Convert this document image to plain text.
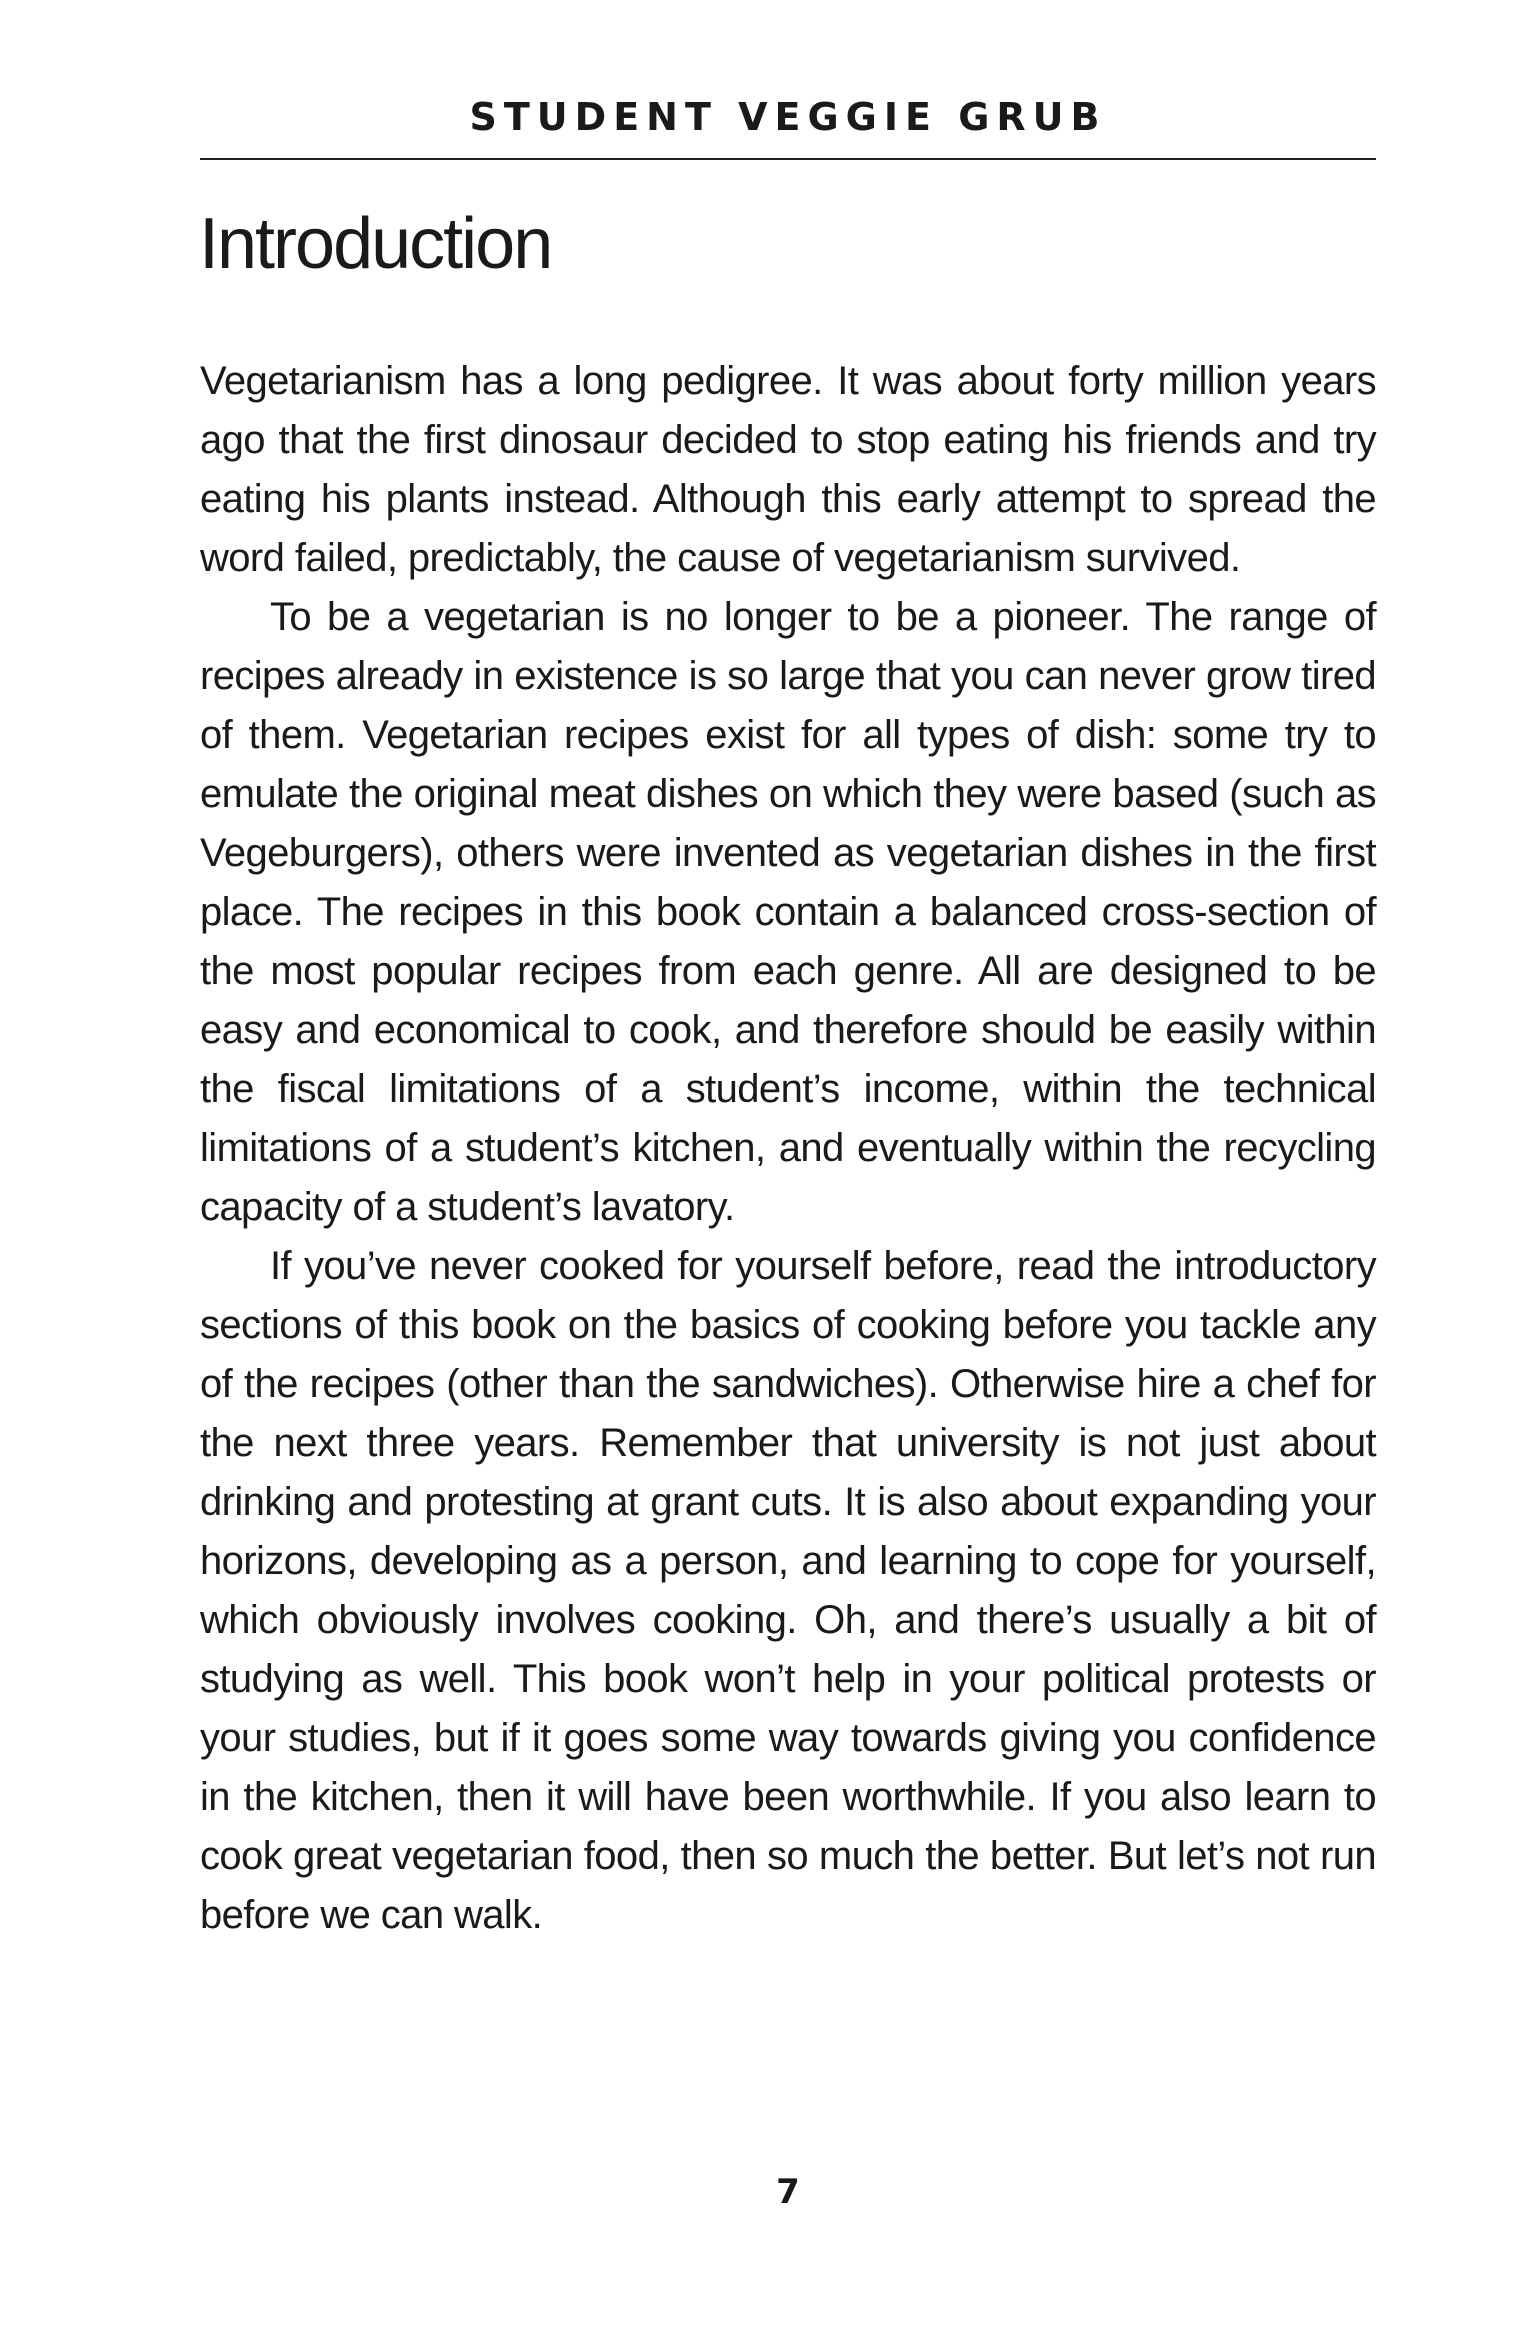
STUDENT VEGGIE GRUB
Introduction

Vegetarianism has a long pedigree. It was about forty million years ago that the first dinosaur decided to stop eating his friends and try eating his plants instead. Although this early attempt to spread the word failed, predictably, the cause of vegetarianism survived.

To be a vegetarian is no longer to be a pioneer. The range of recipes already in existence is so large that you can never grow tired of them. Vegetarian recipes exist for all types of dish: some try to emulate the original meat dishes on which they were based (such as Vegeburgers), others were invented as vegetarian dishes in the first place. The recipes in this book contain a balanced cross-section of the most popular recipes from each genre. All are designed to be easy and economical to cook, and therefore should be easily within the fiscal limitations of a student’s income, within the technical limitations of a student’s kitchen, and eventually within the recycling capacity of a student’s lavatory.

If you’ve never cooked for yourself before, read the introductory sections of this book on the basics of cooking before you tackle any of the recipes (other than the sandwiches). Otherwise hire a chef for the next three years. Remember that university is not just about drinking and protesting at grant cuts. It is also about expanding your horizons, developing as a person, and learning to cope for yourself, which obviously involves cooking. Oh, and there’s usually a bit of studying as well. This book won’t help in your political protests or your studies, but if it goes some way towards giving you confidence in the kitchen, then it will have been worthwhile. If you also learn to cook great vegetarian food, then so much the better. But let’s not run before we can walk.

7
